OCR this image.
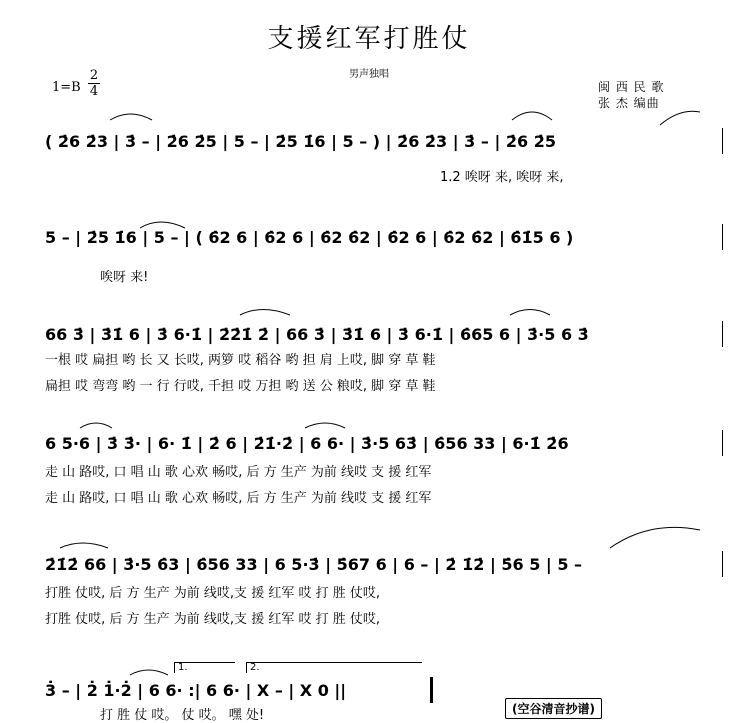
支援红军打胜仗
男声独唱
1=B
2
4	闽 西 民 歌
张 杰 编曲
( 2̇6 2̇3 | 3̇ – | 2̇6 2̇5 | 5 – | 2̇5 1̇6 | 5 – ) | 2̇6 2̇3 | 3̇ – | 2̇6 2̇5
1.2 唉呀 来, 唉呀 来,
5 – | 2̇5 1̇6 | 5 – | ( 6̇2 6 | 6̇2 6 | 6̇2 6̇2 | 6̇2 6 | 6̇2 6̇2 | 6̇1̇5 6 )
唉呀 来!
66 3̇ | 3̇1̇ 6 | 3̇ 6·1̇ | 2̇2̇1̇ 2̇ | 66 3̇ | 3̇1̇ 6 | 3̇ 6·1̇ | 6̇65 6 | 3̇·5 6 3̇
一根 哎 扁担 哟 长 又 长哎, 两箩 哎 稻谷 哟 担 肩 上哎, 脚 穿 草 鞋
扁担 哎 弯弯 哟 一 行 行哎, 千担 哎 万担 哟 送 公 粮哎, 脚 穿 草 鞋
6 5·6 | 3̇ 3̇· | 6· 1̇ | 2̇ 6 | 2̇1̇·2̇ | 6 6· | 3̇·5 63̇ | 6̇56 33 | 6·1̇ 2̇6
走 山 路哎, 口 唱 山 歌 心欢 畅哎, 后 方 生产 为前 线哎 支 援 红军
走 山 路哎, 口 唱 山 歌 心欢 畅哎, 后 方 生产 为前 线哎 支 援 红军
2̇1̇2̇ 66 | 3̇·5 6̇3 | 6̇56 33 | 6 5·3̇ | 5̇67 6 | 6 – | 2̇ 1̇2̇ | 5̇6 5 | 5 –
打胜 仗哎, 后 方 生产 为前 线哎,支 援 红军 哎 打 胜 仗哎,
打胜 仗哎, 后 方 生产 为前 线哎,支 援 红军 哎 打 胜 仗哎,
3̇ – | 2̇ 1̇·2̇ | 6 6· :| 6 6· | X – | X 0 ||
打 胜 仗 哎。 仗 哎。 嘿 处!
1.	2.
(空谷清音抄谱)
